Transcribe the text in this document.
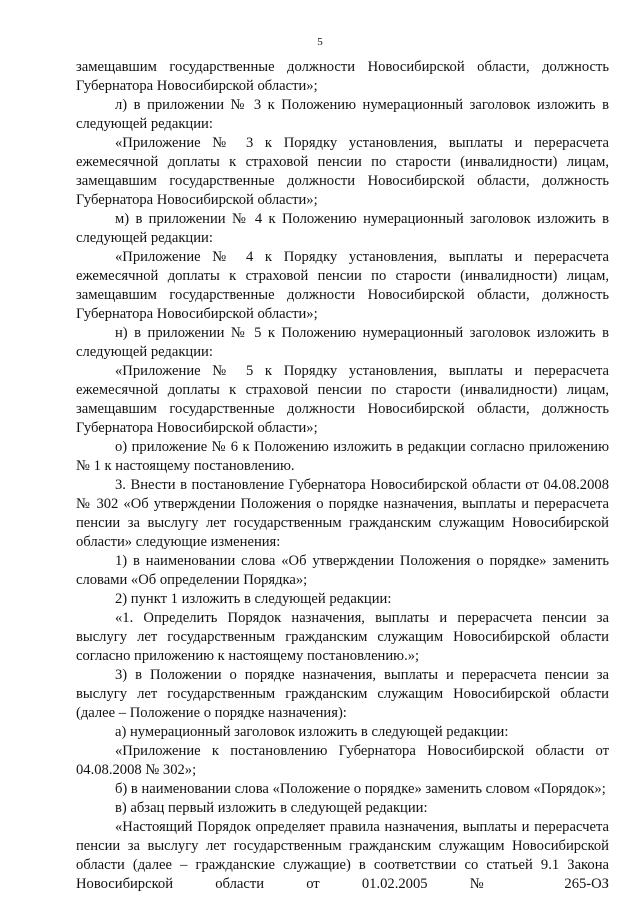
5

замещавшим государственные должности Новосибирской области, должность Губернатора Новосибирской области»;

л) в приложении № 3 к Положению нумерационный заголовок изложить в следующей редакции:

«Приложение № 3 к Порядку установления, выплаты и перерасчета ежемесячной доплаты к страховой пенсии по старости (инвалидности) лицам, замещавшим государственные должности Новосибирской области, должность Губернатора Новосибирской области»;

м) в приложении № 4 к Положению нумерационный заголовок изложить в следующей редакции:

«Приложение № 4 к Порядку установления, выплаты и перерасчета ежемесячной доплаты к страховой пенсии по старости (инвалидности) лицам, замещавшим государственные должности Новосибирской области, должность Губернатора Новосибирской области»;

н) в приложении № 5 к Положению нумерационный заголовок изложить в следующей редакции:

«Приложение № 5 к Порядку установления, выплаты и перерасчета ежемесячной доплаты к страховой пенсии по старости (инвалидности) лицам, замещавшим государственные должности Новосибирской области, должность Губернатора Новосибирской области»;

о) приложение № 6 к Положению изложить в редакции согласно приложению № 1 к настоящему постановлению.

3. Внести в постановление Губернатора Новосибирской области от 04.08.2008 № 302 «Об утверждении Положения о порядке назначения, выплаты и перерасчета пенсии за выслугу лет государственным гражданским служащим Новосибирской области» следующие изменения:

1) в наименовании слова «Об утверждении Положения о порядке» заменить словами «Об определении Порядка»;

2) пункт 1 изложить в следующей редакции:

«1. Определить Порядок назначения, выплаты и перерасчета пенсии за выслугу лет государственным гражданским служащим Новосибирской области согласно приложению к настоящему постановлению.»;

3) в Положении о порядке назначения, выплаты и перерасчета пенсии за выслугу лет государственным гражданским служащим Новосибирской области (далее – Положение о порядке назначения):

а) нумерационный заголовок изложить в следующей редакции:

«Приложение к постановлению Губернатора Новосибирской области от 04.08.2008 № 302»;

б) в наименовании слова «Положение о порядке» заменить словом «Порядок»;

в) абзац первый изложить в следующей редакции:

«Настоящий Порядок определяет правила назначения, выплаты и перерасчета пенсии за выслугу лет государственным гражданским служащим Новосибирской области (далее – гражданские служащие) в соответствии со статьей 9.1 Закона Новосибирской области от 01.02.2005 № 265-ОЗ
